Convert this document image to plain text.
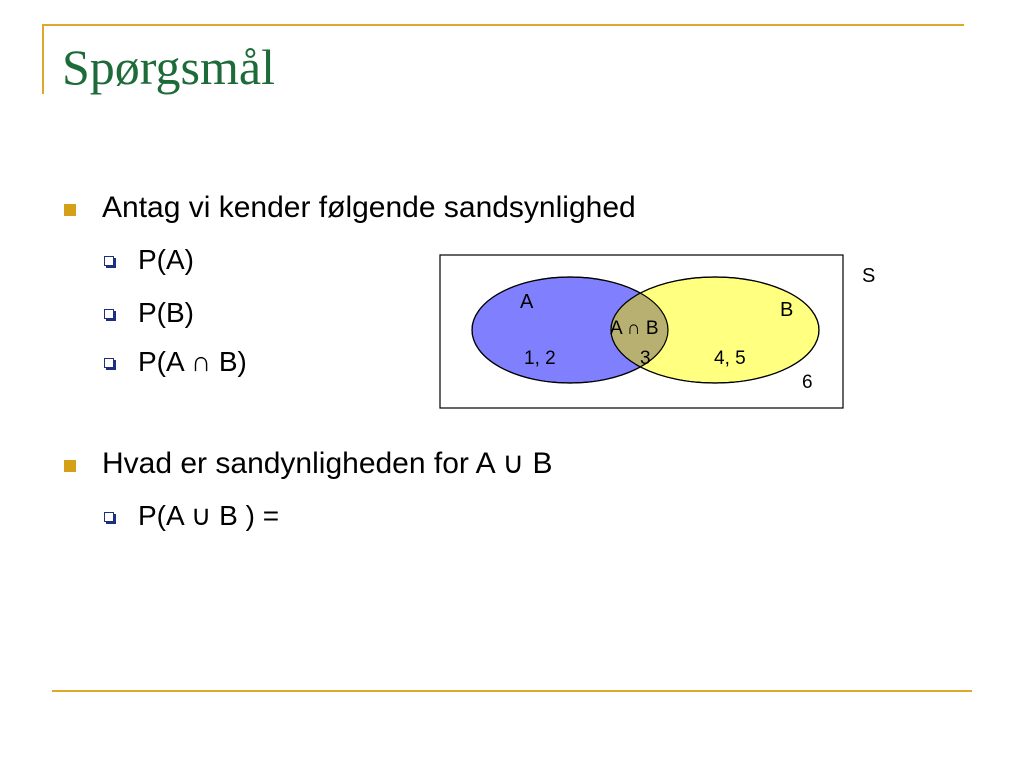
Spørgsmål
Antag vi kender følgende sandsynlighed
P(A)
P(B)
P(A ∩ B)
Hvad er sandynligheden for A ∪ B
P(A ∪ B ) =
A	B
A ∩ B
1, 2	3	4, 5
6
S
